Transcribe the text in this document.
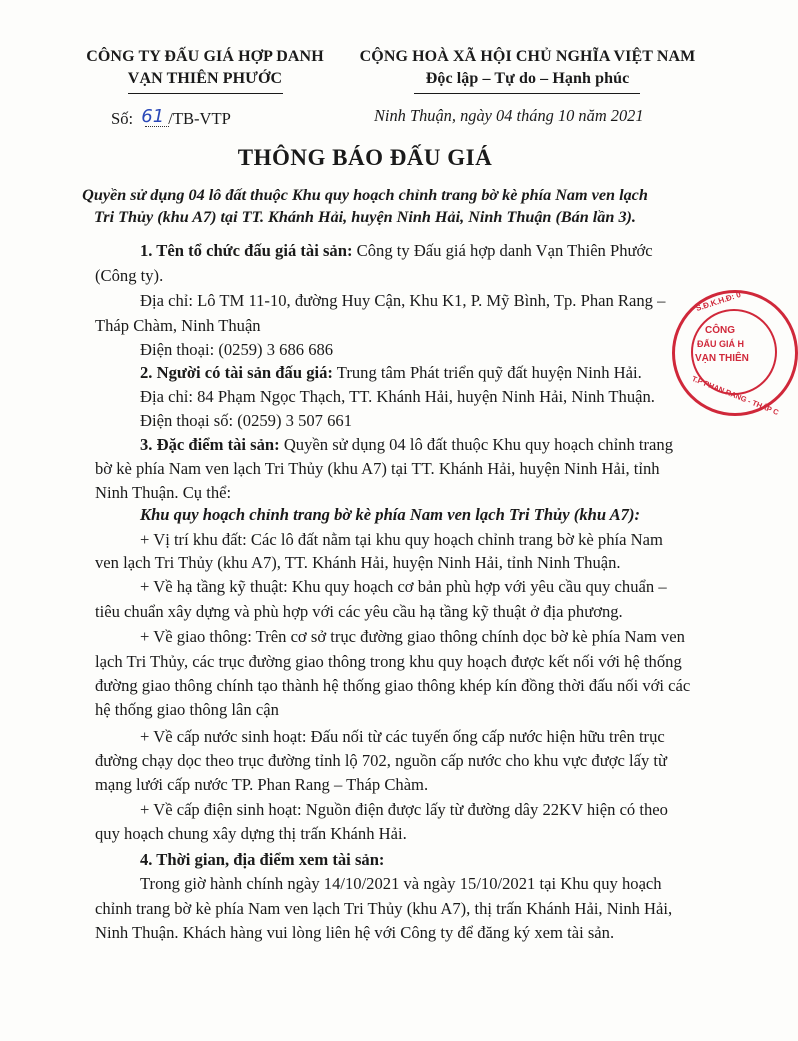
CÔNG TY ĐẤU GIÁ HỢP DANH
VẠN THIÊN PHƯỚC
CỘNG HOÀ XÃ HỘI CHỦ NGHĨA VIỆT NAM
Độc lập – Tự do – Hạnh phúc
Số: 61 /TB-VTP	Ninh Thuận, ngày 04 tháng 10 năm 2021
THÔNG BÁO ĐẤU GIÁ
Quyền sử dụng 04 lô đất thuộc Khu quy hoạch chỉnh trang bờ kè phía Nam ven lạch
Tri Thủy (khu A7) tại TT. Khánh Hải, huyện Ninh Hải, Ninh Thuận (Bán lần 3).
1. Tên tổ chức đấu giá tài sản: Công ty Đấu giá hợp danh Vạn Thiên Phước
(Công ty).
Địa chỉ: Lô TM 11-10, đường Huy Cận, Khu K1, P. Mỹ Bình, Tp. Phan Rang –
Tháp Chàm, Ninh Thuận
Điện thoại: (0259) 3 686 686
2. Người có tài sản đấu giá: Trung tâm Phát triển quỹ đất huyện Ninh Hải.
Địa chỉ: 84 Phạm Ngọc Thạch, TT. Khánh Hải, huyện Ninh Hải, Ninh Thuận.
Điện thoại số: (0259) 3 507 661
3. Đặc điểm tài sản: Quyền sử dụng 04 lô đất thuộc Khu quy hoạch chỉnh trang
bờ kè phía Nam ven lạch Tri Thủy (khu A7) tại TT. Khánh Hải, huyện Ninh Hải, tỉnh
Ninh Thuận. Cụ thể:
Khu quy hoạch chỉnh trang bờ kè phía Nam ven lạch Tri Thủy (khu A7):
+ Vị trí khu đất: Các lô đất nằm tại khu quy hoạch chỉnh trang bờ kè phía Nam
ven lạch Tri Thủy (khu A7), TT. Khánh Hải, huyện Ninh Hải, tỉnh Ninh Thuận.
+ Về hạ tầng kỹ thuật: Khu quy hoạch cơ bản phù hợp với yêu cầu quy chuẩn –
tiêu chuẩn xây dựng và phù hợp với các yêu cầu hạ tầng kỹ thuật ở địa phương.
+ Về giao thông: Trên cơ sở trục đường giao thông chính dọc bờ kè phía Nam ven
lạch Tri Thủy, các trục đường giao thông trong khu quy hoạch được kết nối với hệ thống
đường giao thông chính tạo thành hệ thống giao thông khép kín đồng thời đấu nối với các
hệ thống giao thông lân cận
+ Về cấp nước sinh hoạt: Đấu nối từ các tuyến ống cấp nước hiện hữu trên trục
đường chạy dọc theo trục đường tỉnh lộ 702, nguồn cấp nước cho khu vực được lấy từ
mạng lưới cấp nước TP. Phan Rang – Tháp Chàm.
+ Về cấp điện sinh hoạt: Nguồn điện được lấy từ đường dây 22KV hiện có theo
quy hoạch chung xây dựng thị trấn Khánh Hải.
4. Thời gian, địa điểm xem tài sản:
Trong giờ hành chính ngày 14/10/2021 và ngày 15/10/2021 tại Khu quy hoạch
chỉnh trang bờ kè phía Nam ven lạch Tri Thủy (khu A7), thị trấn Khánh Hải, Ninh Hải,
Ninh Thuận. Khách hàng vui lòng liên hệ với Công ty để đăng ký xem tài sản.
S.Đ.K.H.Đ: 0
CÔNG
ĐẤU GIÁ H
VẠN THIÊN
T.P PHAN RANG - THÁP C
